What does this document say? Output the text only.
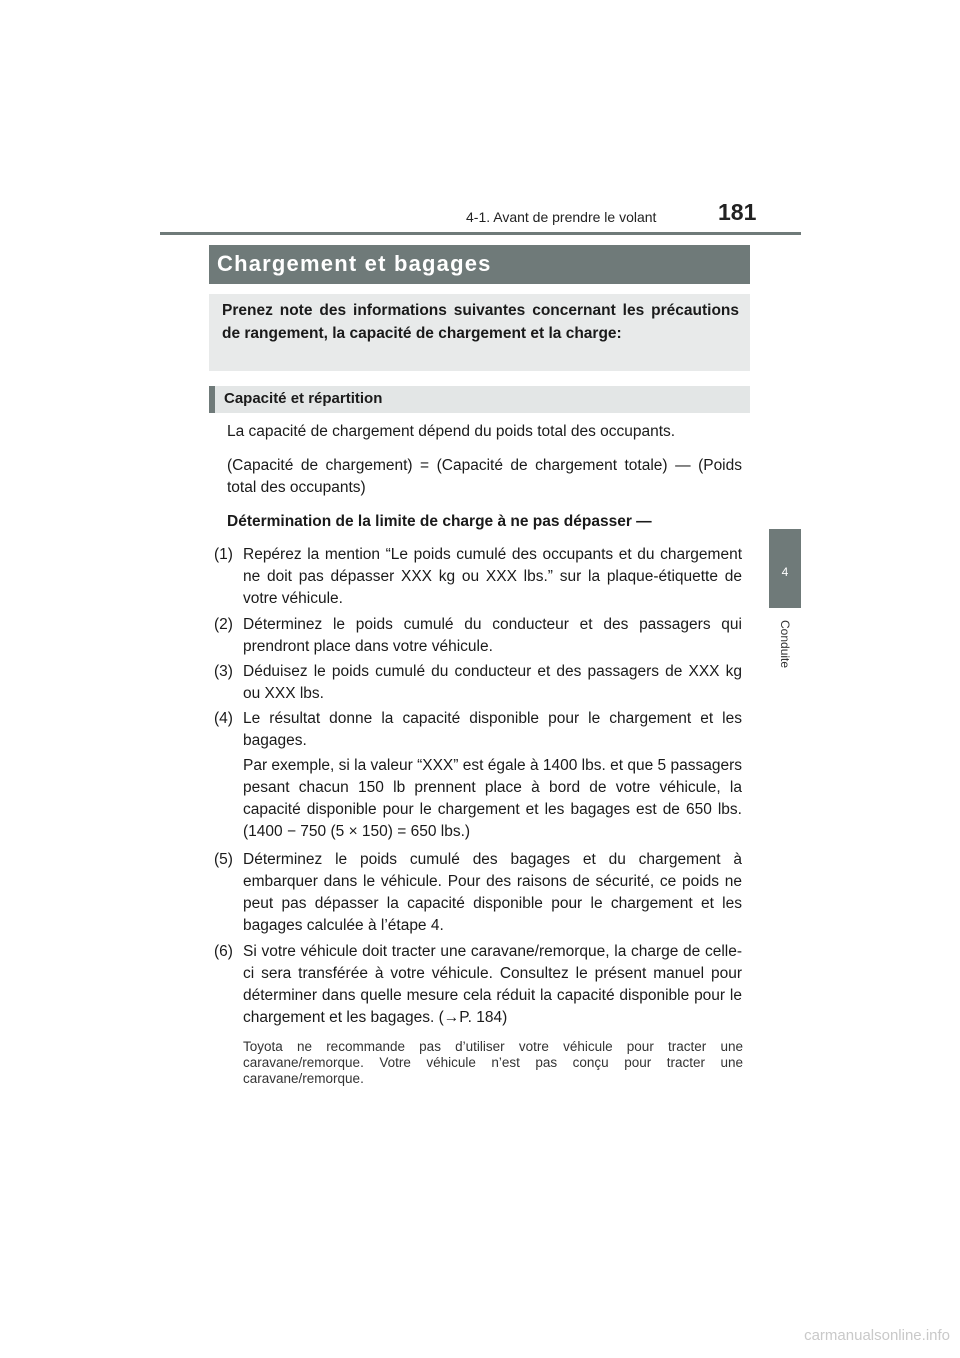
4-1. Avant de prendre le volant	181
4
Conduite
Chargement et bagages
Prenez note des informations suivantes concernant les précautions de rangement, la capacité de chargement et la charge:
Capacité et répartition
La capacité de chargement dépend du poids total des occupants.
(Capacité de chargement) = (Capacité de chargement totale) — (Poids total des occupants)
Détermination de la limite de charge à ne pas dépasser —
(1) Repérez la mention “Le poids cumulé des occupants et du chargement ne doit pas dépasser XXX kg ou XXX lbs.” sur la plaque-étiquette de votre véhicule.
(2) Déterminez le poids cumulé du conducteur et des passagers qui prendront place dans votre véhicule.
(3) Déduisez le poids cumulé du conducteur et des passagers de XXX kg ou XXX lbs.
(4) Le résultat donne la capacité disponible pour le chargement et les bagages.
Par exemple, si la valeur “XXX” est égale à 1400 lbs. et que 5 passagers pesant chacun 150 lb prennent place à bord de votre véhicule, la capacité disponible pour le chargement et les bagages est de 650 lbs. (1400 − 750 (5 × 150) = 650 lbs.)
(5) Déterminez le poids cumulé des bagages et du chargement à embarquer dans le véhicule. Pour des raisons de sécurité, ce poids ne peut pas dépasser la capacité disponible pour le chargement et les bagages calculée à l’étape 4.
(6) Si votre véhicule doit tracter une caravane/remorque, la charge de celle-ci sera transférée à votre véhicule. Consultez le présent manuel pour déterminer dans quelle mesure cela réduit la capacité disponible pour le chargement et les bagages. (→P. 184)
Toyota ne recommande pas d’utiliser votre véhicule pour tracter une caravane/remorque. Votre véhicule n’est pas conçu pour tracter une caravane/remorque.
carmanualsonline.info
